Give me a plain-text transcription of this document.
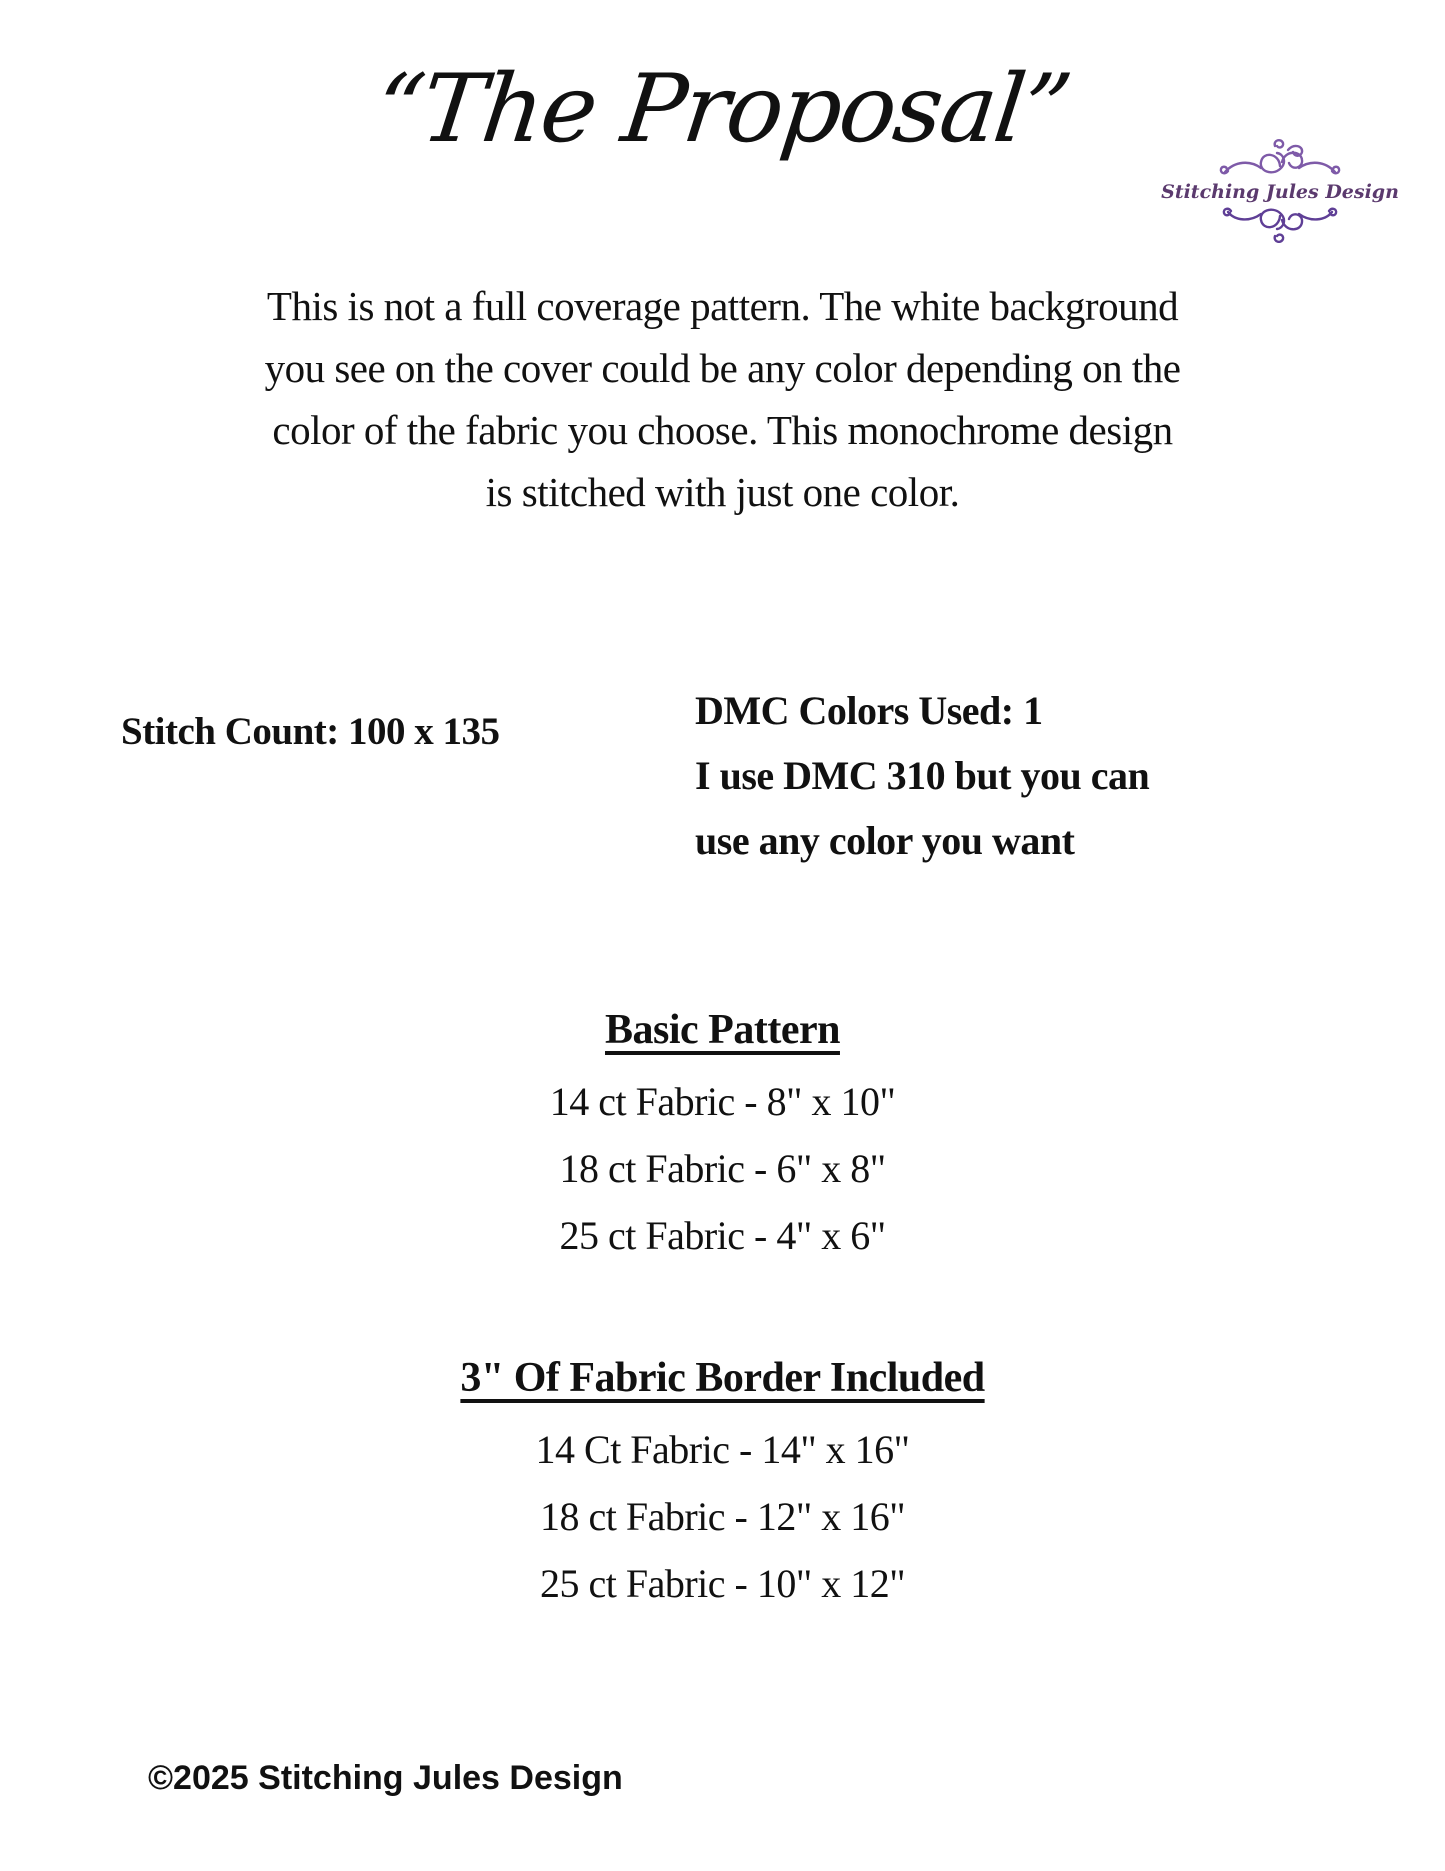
“The Proposal”
Stitching Jules Design
This is not a full coverage pattern. The white background
you see on the cover could be any color depending on the
color of the fabric you choose. This monochrome design
is stitched with just one color.
Stitch Count: 100 x 135	DMC Colors Used: 1
I use DMC 310 but you can
use any color you want
Basic Pattern
14 ct Fabric - 8" x 10"
18 ct Fabric - 6" x 8"
25 ct Fabric - 4" x 6"
3" Of Fabric Border Included
14 Ct Fabric - 14" x 16"
18 ct Fabric - 12" x 16"
25 ct Fabric - 10" x 12"
©2025 Stitching Jules Design
